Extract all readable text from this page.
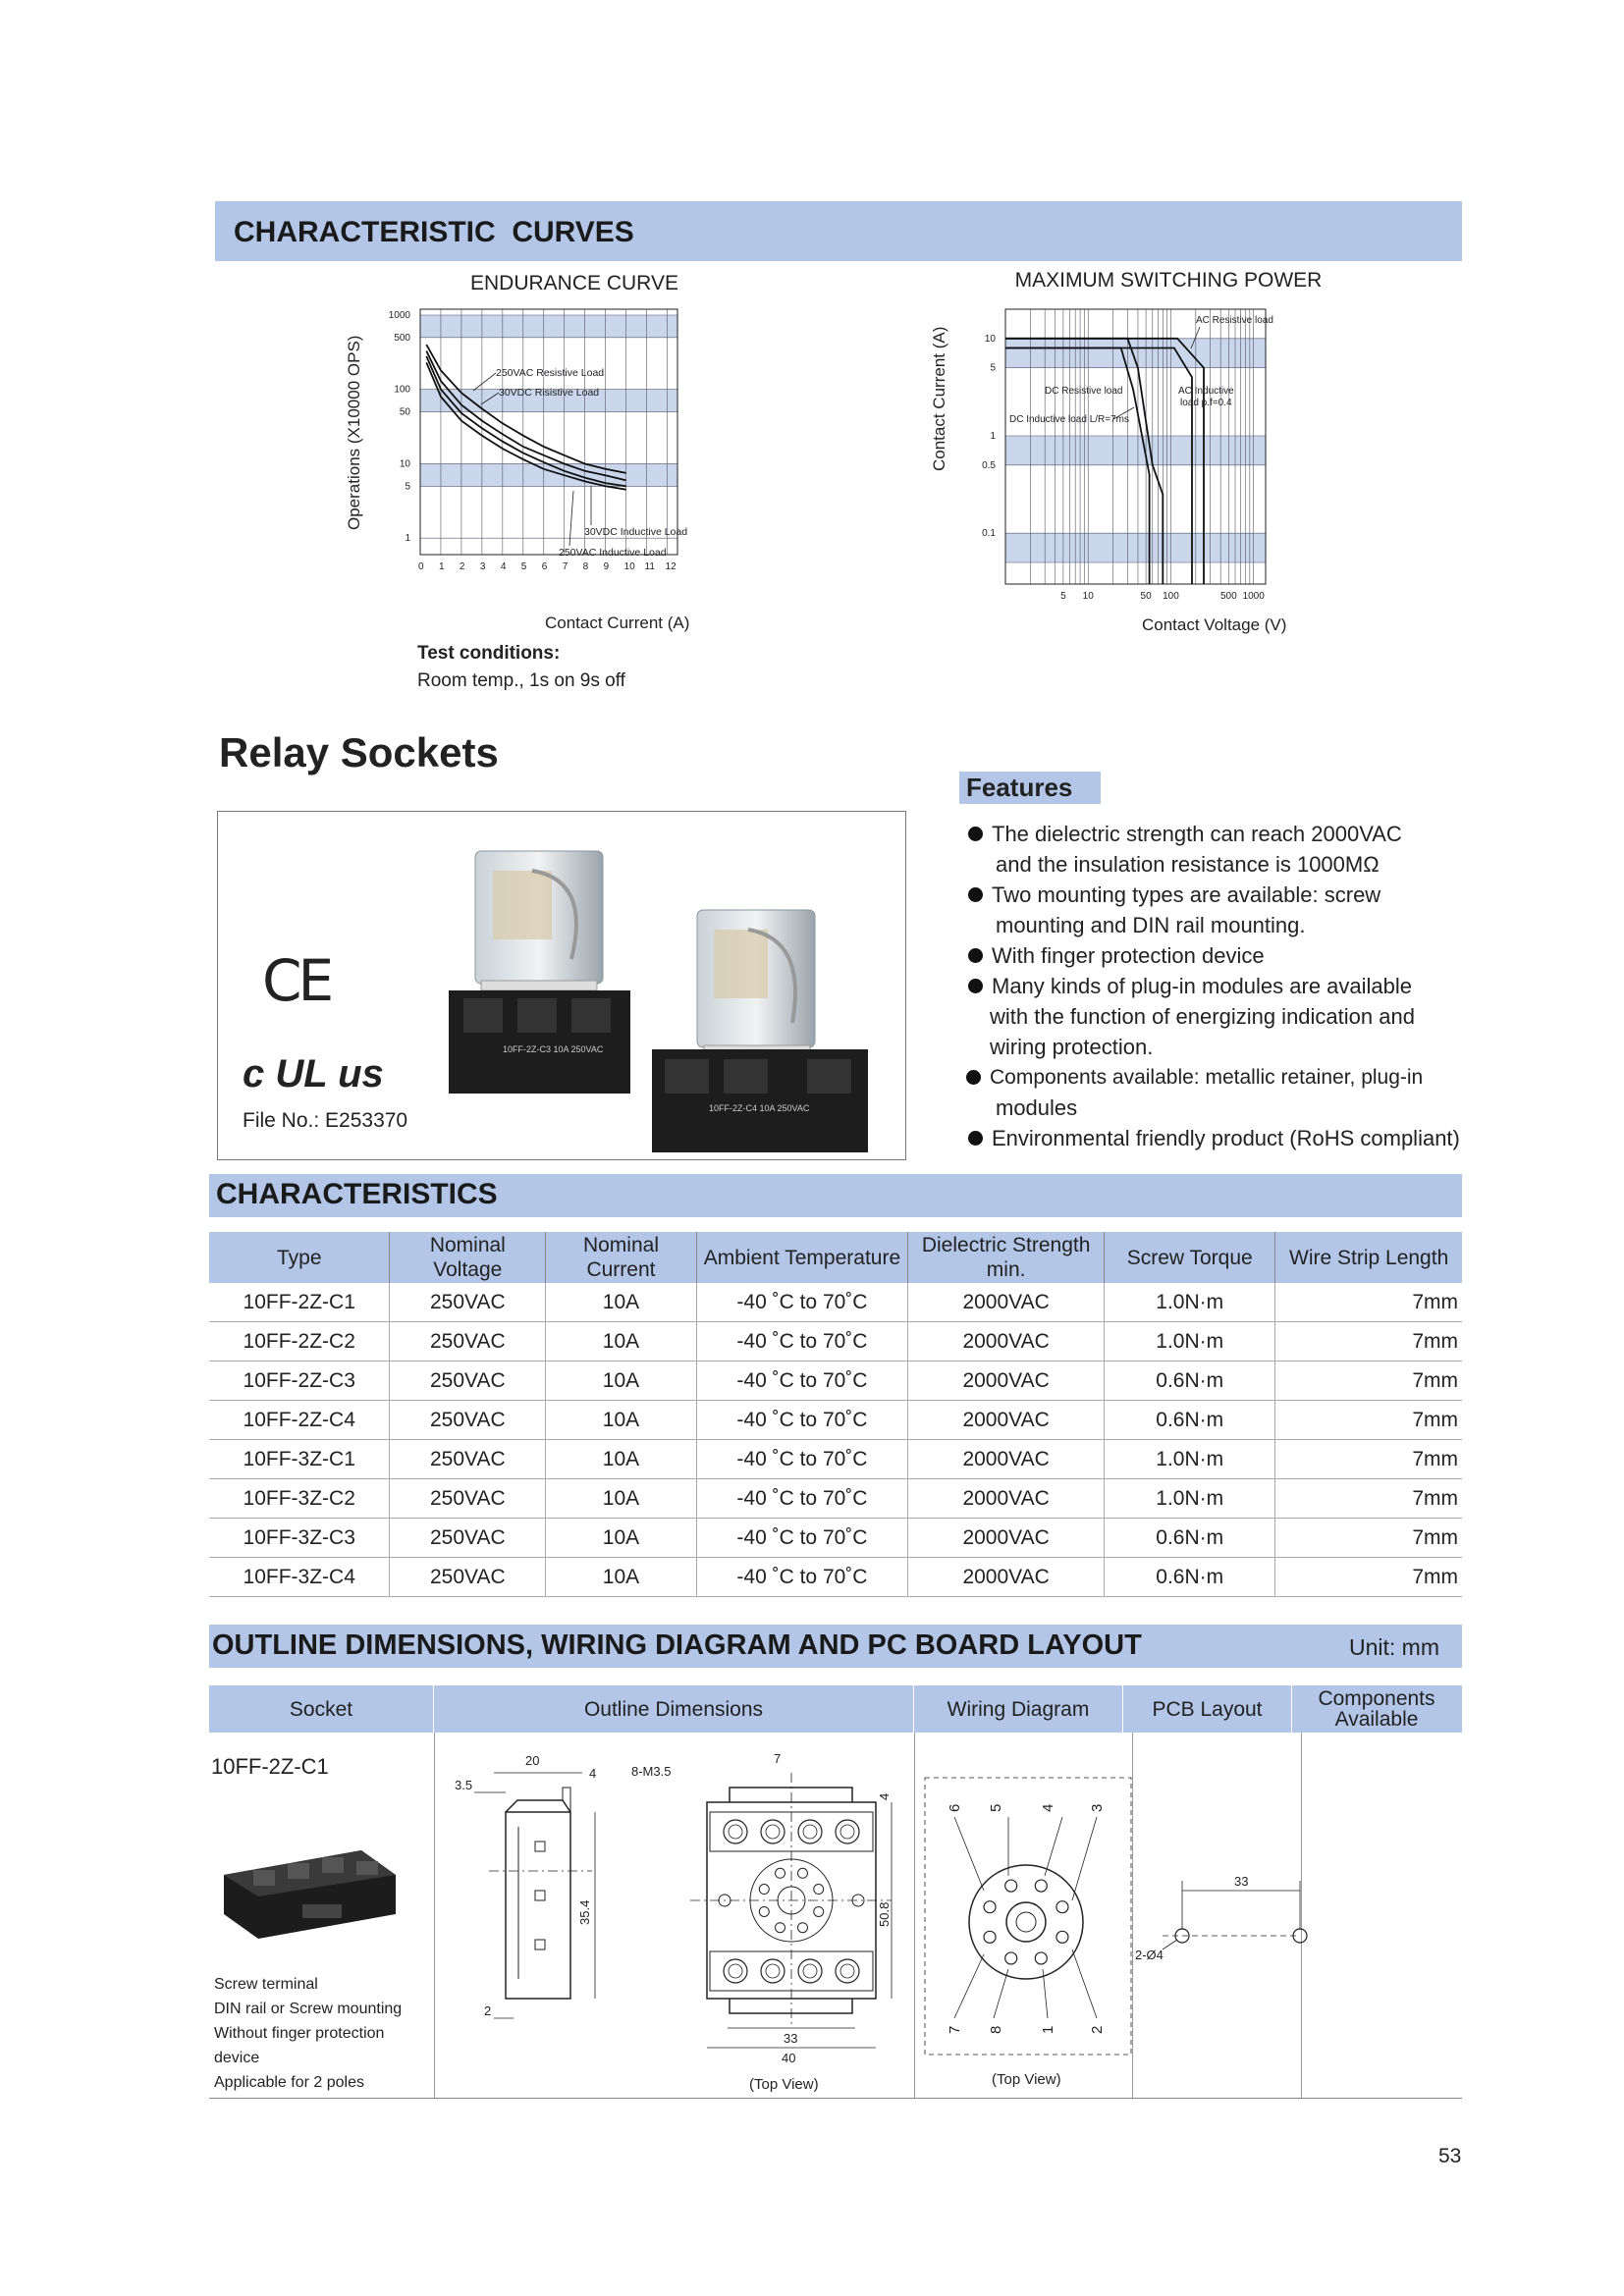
CHARACTERISTIC  CURVES
ENDURANCE CURVE	MAXIMUM SWITCHING POWER
1000
500
100
50
10
5
1
0 1 2 3 4 5 6 7 8 9 10 11 12
250VAC Resistive Load
30VDC Risistive Load
30VDC Inductive Load
250VAC Inductive Load
Operations (X10000 OPS)
Contact Current (A)
10
5
1
0.5
0.1
5 10	50 100	500 1000
AC Resistive load
DC Resistive load	AC Inductive
load p.f=0.4
DC Inductive load L/R=7ms
Contact Current (A)
Contact Voltage (V)
Test conditions:
Room temp., 1s on 9s off
Relay Sockets
10FF-2Z-C3 10A 250VAC
10FF-2Z-C4 10A 250VAC
CE
c UL us
File No.: E253370
Features
The dielectric strength can reach 2000VAC
and the insulation resistance is 1000MΩ
Two mounting types are available: screw
mounting and DIN rail mounting.
With finger protection device
Many kinds of plug-in modules are available
with the function of energizing indication and
wiring protection.
Components available: metallic retainer, plug-in
modules
Environmental friendly product (RoHS compliant)
CHARACTERISTICS
Type	Nominal Voltage	Nominal Current	Ambient Temperature	Dielectric Strength min.	Screw Torque	Wire Strip Length
10FF-2Z-C1	250VAC	10A	-40 ˚C to 70˚C	2000VAC	1.0N·m	7mm
10FF-2Z-C2	250VAC	10A	-40 ˚C to 70˚C	2000VAC	1.0N·m	7mm
10FF-2Z-C3	250VAC	10A	-40 ˚C to 70˚C	2000VAC	0.6N·m	7mm
10FF-2Z-C4	250VAC	10A	-40 ˚C to 70˚C	2000VAC	0.6N·m	7mm
10FF-3Z-C1	250VAC	10A	-40 ˚C to 70˚C	2000VAC	1.0N·m	7mm
10FF-3Z-C2	250VAC	10A	-40 ˚C to 70˚C	2000VAC	1.0N·m	7mm
10FF-3Z-C3	250VAC	10A	-40 ˚C to 70˚C	2000VAC	0.6N·m	7mm
10FF-3Z-C4	250VAC	10A	-40 ˚C to 70˚C	2000VAC	0.6N·m	7mm
OUTLINE DIMENSIONS, WIRING DIAGRAM AND PC BOARD LAYOUT	Unit: mm
Socket	Outline Dimensions	Wiring Diagram	PCB Layout	Components
Available
10FF-2Z-C1
Screw terminal
DIN rail or Screw mounting
Without finger protection
device
Applicable for 2 poles
20
4
3.5
35.4
2
8-M3.5
7
4
50.8
33
40
(Top View)
6 5 4 3
7 8 1 2
(Top View)
33
2-Ø4
53
